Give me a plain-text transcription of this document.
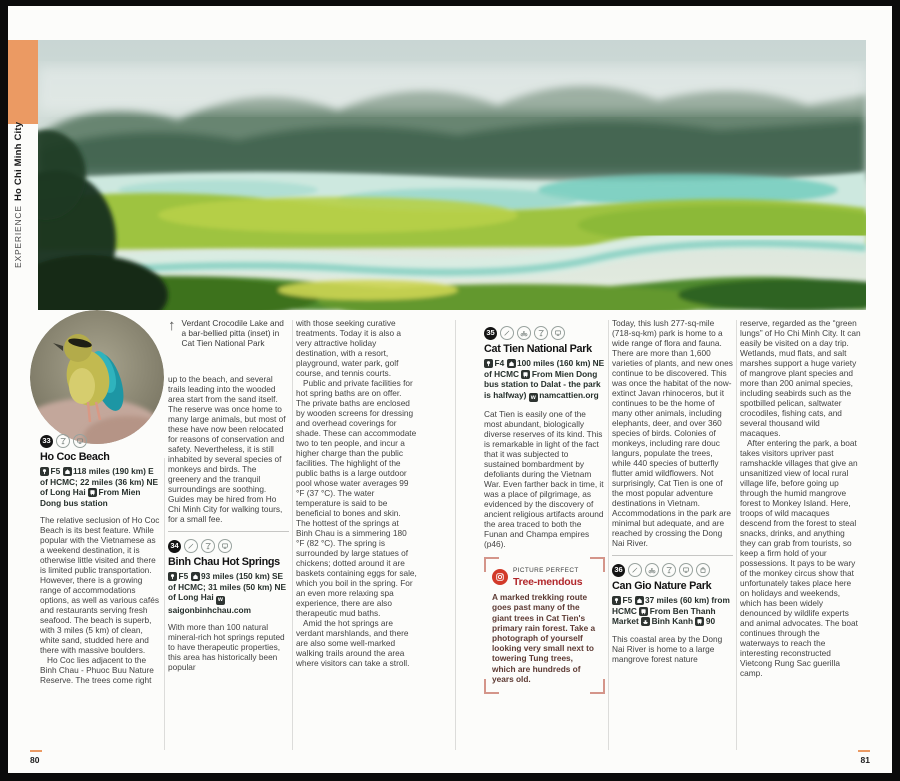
Ho Chi Minh City
EXPERIENCE
33
Ho Coc Beach
F5 118 miles (190 km) E of HCMC; 22 miles (36 km) NE of Long Hai From Mien Dong bus station

The relative seclusion of Ho Coc Beach is its best feature. While popular with the Vietnamese as a weekend destination, it is otherwise little visited and there is limited public transportation. However, there is a growing range of accommodations options, as well as various cafés and restaurants serving fresh seafood. The beach is superb, with 3 miles (5 km) of clean, white sand, studded here and there with massive boulders.

Ho Coc lies adjacent to the Binh Chau - Phuoc Buu Nature Reserve. The trees come right

↑ Verdant Crocodile Lake and a bar-bellied pitta (inset) in Cat Tien National Park

up to the beach, and several trails leading into the wooded area start from the sand itself. The reserve was once home to many large animals, but most of these have now been relocated for reasons of conservation and safety. Nevertheless, it is still inhabited by several species of monkeys and birds. The greenery and the tranquil surroundings are soothing. Guides may be hired from Ho Chi Minh City for walking tours, for a small fee.

34
Binh Chau Hot Springs
F5 93 miles (150 km) SE of HCMC; 31 miles (50 km) NE of Long Hai wsaigonbinhchau.com

With more than 100 natural mineral-rich hot springs reputed to have therapeutic properties, this area has historically been popular

with those seeking curative treatments. Today it is also a very attractive holiday destination, with a resort, playground, water park, golf course, and tennis courts.

Public and private facilities for hot spring baths are on offer. The private baths are enclosed by wooden screens for dressing and overhead coverings for shade. These can accommodate two to ten people, and incur a higher charge than the public facilities. The highlight of the public baths is a large outdoor pool whose water averages 99 °F (37 °C). The water temperature is said to be beneficial to bones and skin. The hottest of the springs at Binh Chau is a simmering 180 °F (82 °C). The spring is surrounded by large statues of chickens; dotted around it are baskets containing eggs for sale, which you boil in the spring. For an even more relaxing spa experience, there are also therapeutic mud baths.

Amid the hot springs are verdant marshlands, and there are also some well-marked walking trails around the area where visitors can take a stroll.

35
Cat Tien National Park
F4 100 miles (160 km) NE of HCMC From Mien Dong bus station to Dalat - the park is halfway) w namcattien.org

Cat Tien is easily one of the most abundant, biologically diverse reserves of its kind. This is remarkable in light of the fact that it was subjected to sustained bombardment by defoliants during the Vietnam War. Even farther back in time, it was a place of pilgrimage, as evidenced by the discovery of ancient religious artifacts around the area traced to both the Funan and Champa empires (p46).

PICTURE PERFECT
Tree-mendous
A marked trekking route goes past many of the giant trees in Cat Tien's primary rain forest. Take a photograph of yourself looking very small next to towering Tung trees, which are hundreds of years old.

Today, this lush 277-sq-mile (718-sq-km) park is home to a wide range of flora and fauna. There are more than 1,600 varieties of plants, and new ones continue to be discovered. This was once the habitat of the now-extinct Javan rhinoceros, but it continues to be the home of many other animals, including elephants, deer, and over 360 species of birds. Colonies of monkeys, including rare douc langurs, populate the trees, while 440 species of butterfly flutter amid wildflowers. Not surprisingly, Cat Tien is one of the most popular adventure destinations in Vietnam. Accommodations in the park are minimal but adequate, and are reached by crossing the Dong Nai River.

36
Can Gio Nature Park
F5 37 miles (60 km) from HCMC From Ben Thanh Market Binh Kanh 90

This coastal area by the Dong Nai River is home to a large mangrove forest nature

reserve, regarded as the “green lungs” of Ho Chi Minh City. It can easily be visited on a day trip. Wetlands, mud flats, and salt marshes support a huge variety of mangrove plant species and more than 200 animal species, including seabirds such as the spotbilled pelican, saltwater crocodiles, fishing cats, and several thousand wild macaques.

After entering the park, a boat takes visitors upriver past ramshackle villages that give an unsanitized view of local rural village life, before going up through the humid mangrove forest to Monkey Island. Here, troops of wild macaques descend from the forest to steal snacks, drinks, and anything they can grab from tourists, so keep a firm hold of your possessions. It pays to be wary of the monkey circus show that unfortunately takes place here on holidays and weekends, which has been widely denounced by wildlife experts and animal advocates. The boat continues through the waterways to reach the interesting reconstructed Vietcong Rung Sac guerilla camp.

80	81
